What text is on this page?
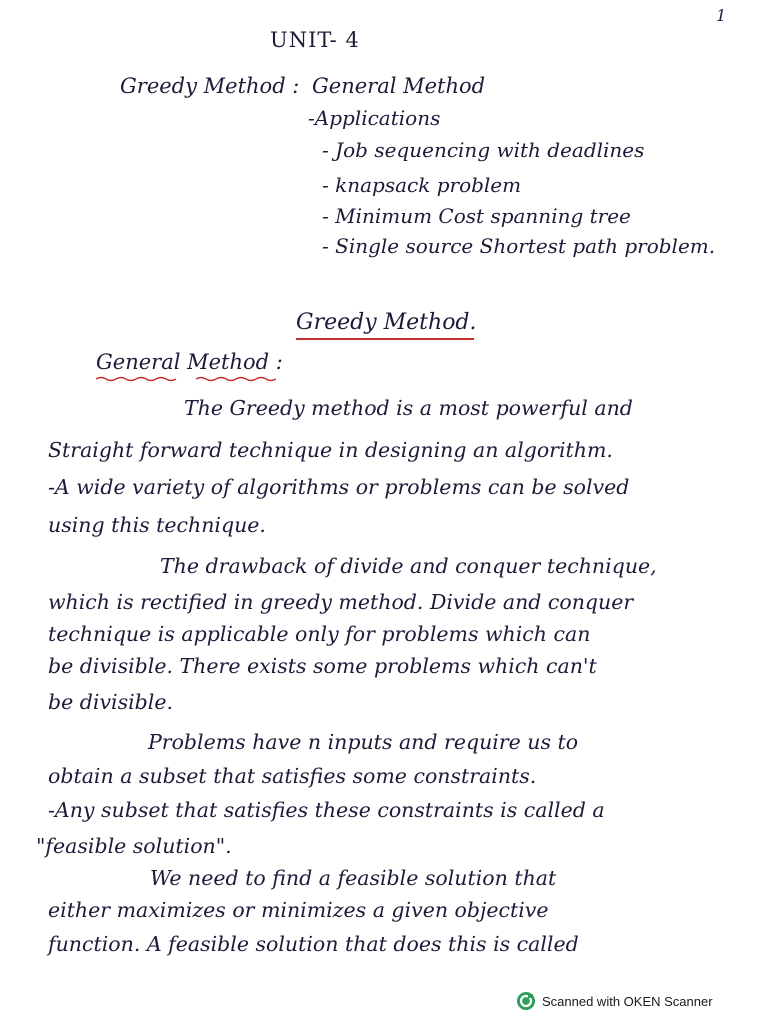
1
UNIT- 4
Greedy Method : General Method
-Applications
- Job sequencing with deadlines
- knapsack problem
- Minimum Cost spanning tree
- Single source Shortest path problem.
Greedy Method.
General Method :
The Greedy method is a most powerful and
Straight forward technique in designing an algorithm.
-A wide variety of algorithms or problems can be solved
using this technique.
The drawback of divide and conquer technique,
which is rectified in greedy method. Divide and conquer
technique is applicable only for problems which can
be divisible. There exists some problems which can't
be divisible.
Problems have n inputs and require us to
obtain a subset that satisfies some constraints.
-Any subset that satisfies these constraints is called a
"feasible solution".
We need to find a feasible solution that
either maximizes or minimizes a given objective
function. A feasible solution that does this is called
Scanned with OKEN Scanner
